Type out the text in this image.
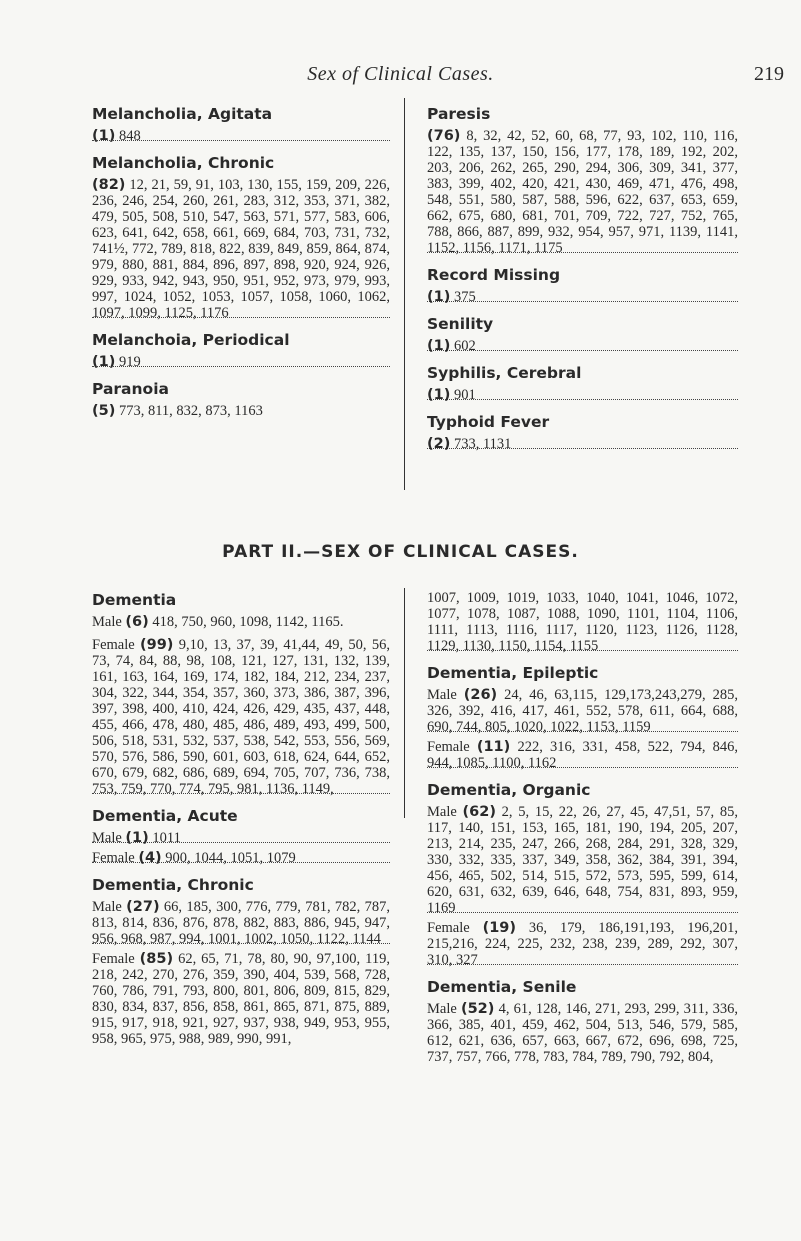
Sex of Clinical Cases.	219
Melancholia, Agitata
(1) 848
Melancholia, Chronic
(82) 12, 21, 59, 91, 103, 130, 155, 159, 209, 226, 236, 246, 254, 260, 261, 283, 312, 353, 371, 382, 479, 505, 508, 510, 547, 563, 571, 577, 583, 606, 623, 641, 642, 658, 661, 669, 684, 703, 731, 732, 741½, 772, 789, 818, 822, 839, 849, 859, 864, 874, 979, 880, 881, 884, 896, 897, 898, 920, 924, 926, 929, 933, 942, 943, 950, 951, 952, 973, 979, 993, 997, 1024, 1052, 1053, 1057, 1058, 1060, 1062, 1097, 1099, 1125, 1176
Melanchoia, Periodical
(1) 919
Paranoia
(5) 773, 811, 832, 873, 1163
Paresis
(76) 8, 32, 42, 52, 60, 68, 77, 93, 102, 110, 116, 122, 135, 137, 150, 156, 177, 178, 189, 192, 202, 203, 206, 262, 265, 290, 294, 306, 309, 341, 377, 383, 399, 402, 420, 421, 430, 469, 471, 476, 498, 548, 551, 580, 587, 588, 596, 622, 637, 653, 659, 662, 675, 680, 681, 701, 709, 722, 727, 752, 765, 788, 866, 887, 899, 932, 954, 957, 971, 1139, 1141, 1152, 1156, 1171, 1175
Record Missing
(1) 375
Senility
(1) 602
Syphilis, Cerebral
(1) 901
Typhoid Fever
(2) 733, 1131
PART II.—SEX OF CLINICAL CASES.
Dementia
Male (6) 418, 750, 960, 1098, 1142, 1165.
Female (99) 9,10, 13, 37, 39, 41,44, 49, 50, 56, 73, 74, 84, 88, 98, 108, 121, 127, 131, 132, 139, 161, 163, 164, 169, 174, 182, 184, 212, 234, 237, 304, 322, 344, 354, 357, 360, 373, 386, 387, 396, 397, 398, 400, 410, 424, 426, 429, 435, 437, 448, 455, 466, 478, 480, 485, 486, 489, 493, 499, 500, 506, 518, 531, 532, 537, 538, 542, 553, 556, 569, 570, 576, 586, 590, 601, 603, 618, 624, 644, 652, 670, 679, 682, 686, 689, 694, 705, 707, 736, 738, 753, 759, 770, 774, 795, 981, 1136, 1149,
Dementia, Acute
Male (1) 1011
Female (4) 900, 1044, 1051, 1079
Dementia, Chronic
Male (27) 66, 185, 300, 776, 779, 781, 782, 787, 813, 814, 836, 876, 878, 882, 883, 886, 945, 947, 956, 968, 987, 994, 1001, 1002, 1050, 1122, 1144
Female (85) 62, 65, 71, 78, 80, 90, 97,100, 119, 218, 242, 270, 276, 359, 390, 404, 539, 568, 728, 760, 786, 791, 793, 800, 801, 806, 809, 815, 829, 830, 834, 837, 856, 858, 861, 865, 871, 875, 889, 915, 917, 918, 921, 927, 937, 938, 949, 953, 955, 958, 965, 975, 988, 989, 990, 991,
1007, 1009, 1019, 1033, 1040, 1041, 1046, 1072, 1077, 1078, 1087, 1088, 1090, 1101, 1104, 1106, 1111, 1113, 1116, 1117, 1120, 1123, 1126, 1128, 1129, 1130, 1150, 1154, 1155
Dementia, Epileptic
Male (26) 24, 46, 63,115, 129,173,243,279, 285, 326, 392, 416, 417, 461, 552, 578, 611, 664, 688, 690, 744, 805, 1020, 1022, 1153, 1159
Female (11) 222, 316, 331, 458, 522, 794, 846, 944, 1085, 1100, 1162
Dementia, Organic
Male (62) 2, 5, 15, 22, 26, 27, 45, 47,51, 57, 85, 117, 140, 151, 153, 165, 181, 190, 194, 205, 207, 213, 214, 235, 247, 266, 268, 284, 291, 328, 329, 330, 332, 335, 337, 349, 358, 362, 384, 391, 394, 456, 465, 502, 514, 515, 572, 573, 595, 599, 614, 620, 631, 632, 639, 646, 648, 754, 831, 893, 959, 1169
Female (19) 36, 179, 186,191,193, 196,201, 215,216, 224, 225, 232, 238, 239, 289, 292, 307, 310, 327
Dementia, Senile
Male (52) 4, 61, 128, 146, 271, 293, 299, 311, 336, 366, 385, 401, 459, 462, 504, 513, 546, 579, 585, 612, 621, 636, 657, 663, 667, 672, 696, 698, 725, 737, 757, 766, 778, 783, 784, 789, 790, 792, 804,
